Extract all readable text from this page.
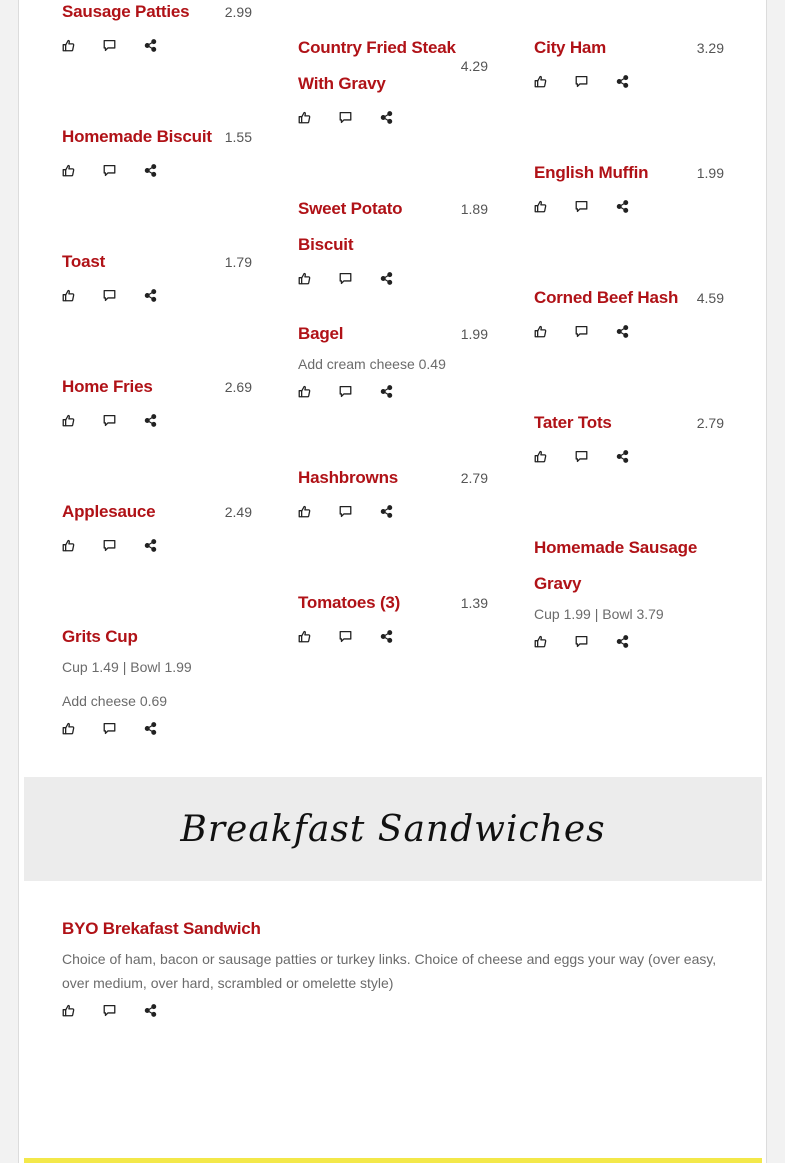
Sausage Patties	2.99
Homemade Biscuit 1.55
Toast	1.79
Home Fries	2.69
Applesauce	2.49
Grits Cup
Cup 1.49 | Bowl 1.99
Add cheese 0.69
Country Fried Steak With Gravy
4.29
Sweet Potato Biscuit
1.89
Bagel	1.99
Add cream cheese 0.49
Hashbrowns	2.79
Tomatoes (3)	1.39
City Ham	3.29
English Muffin	1.99
Corned Beef Hash 4.59
Tater Tots	2.79
Homemade Sausage Gravy
Cup 1.99 | Bowl 3.79
Breakfast Sandwiches
BYO Brekafast Sandwich
Choice of ham, bacon or sausage patties or turkey links. Choice of cheese and eggs your way (over easy, over medium, over hard, scrambled or omelette style)
